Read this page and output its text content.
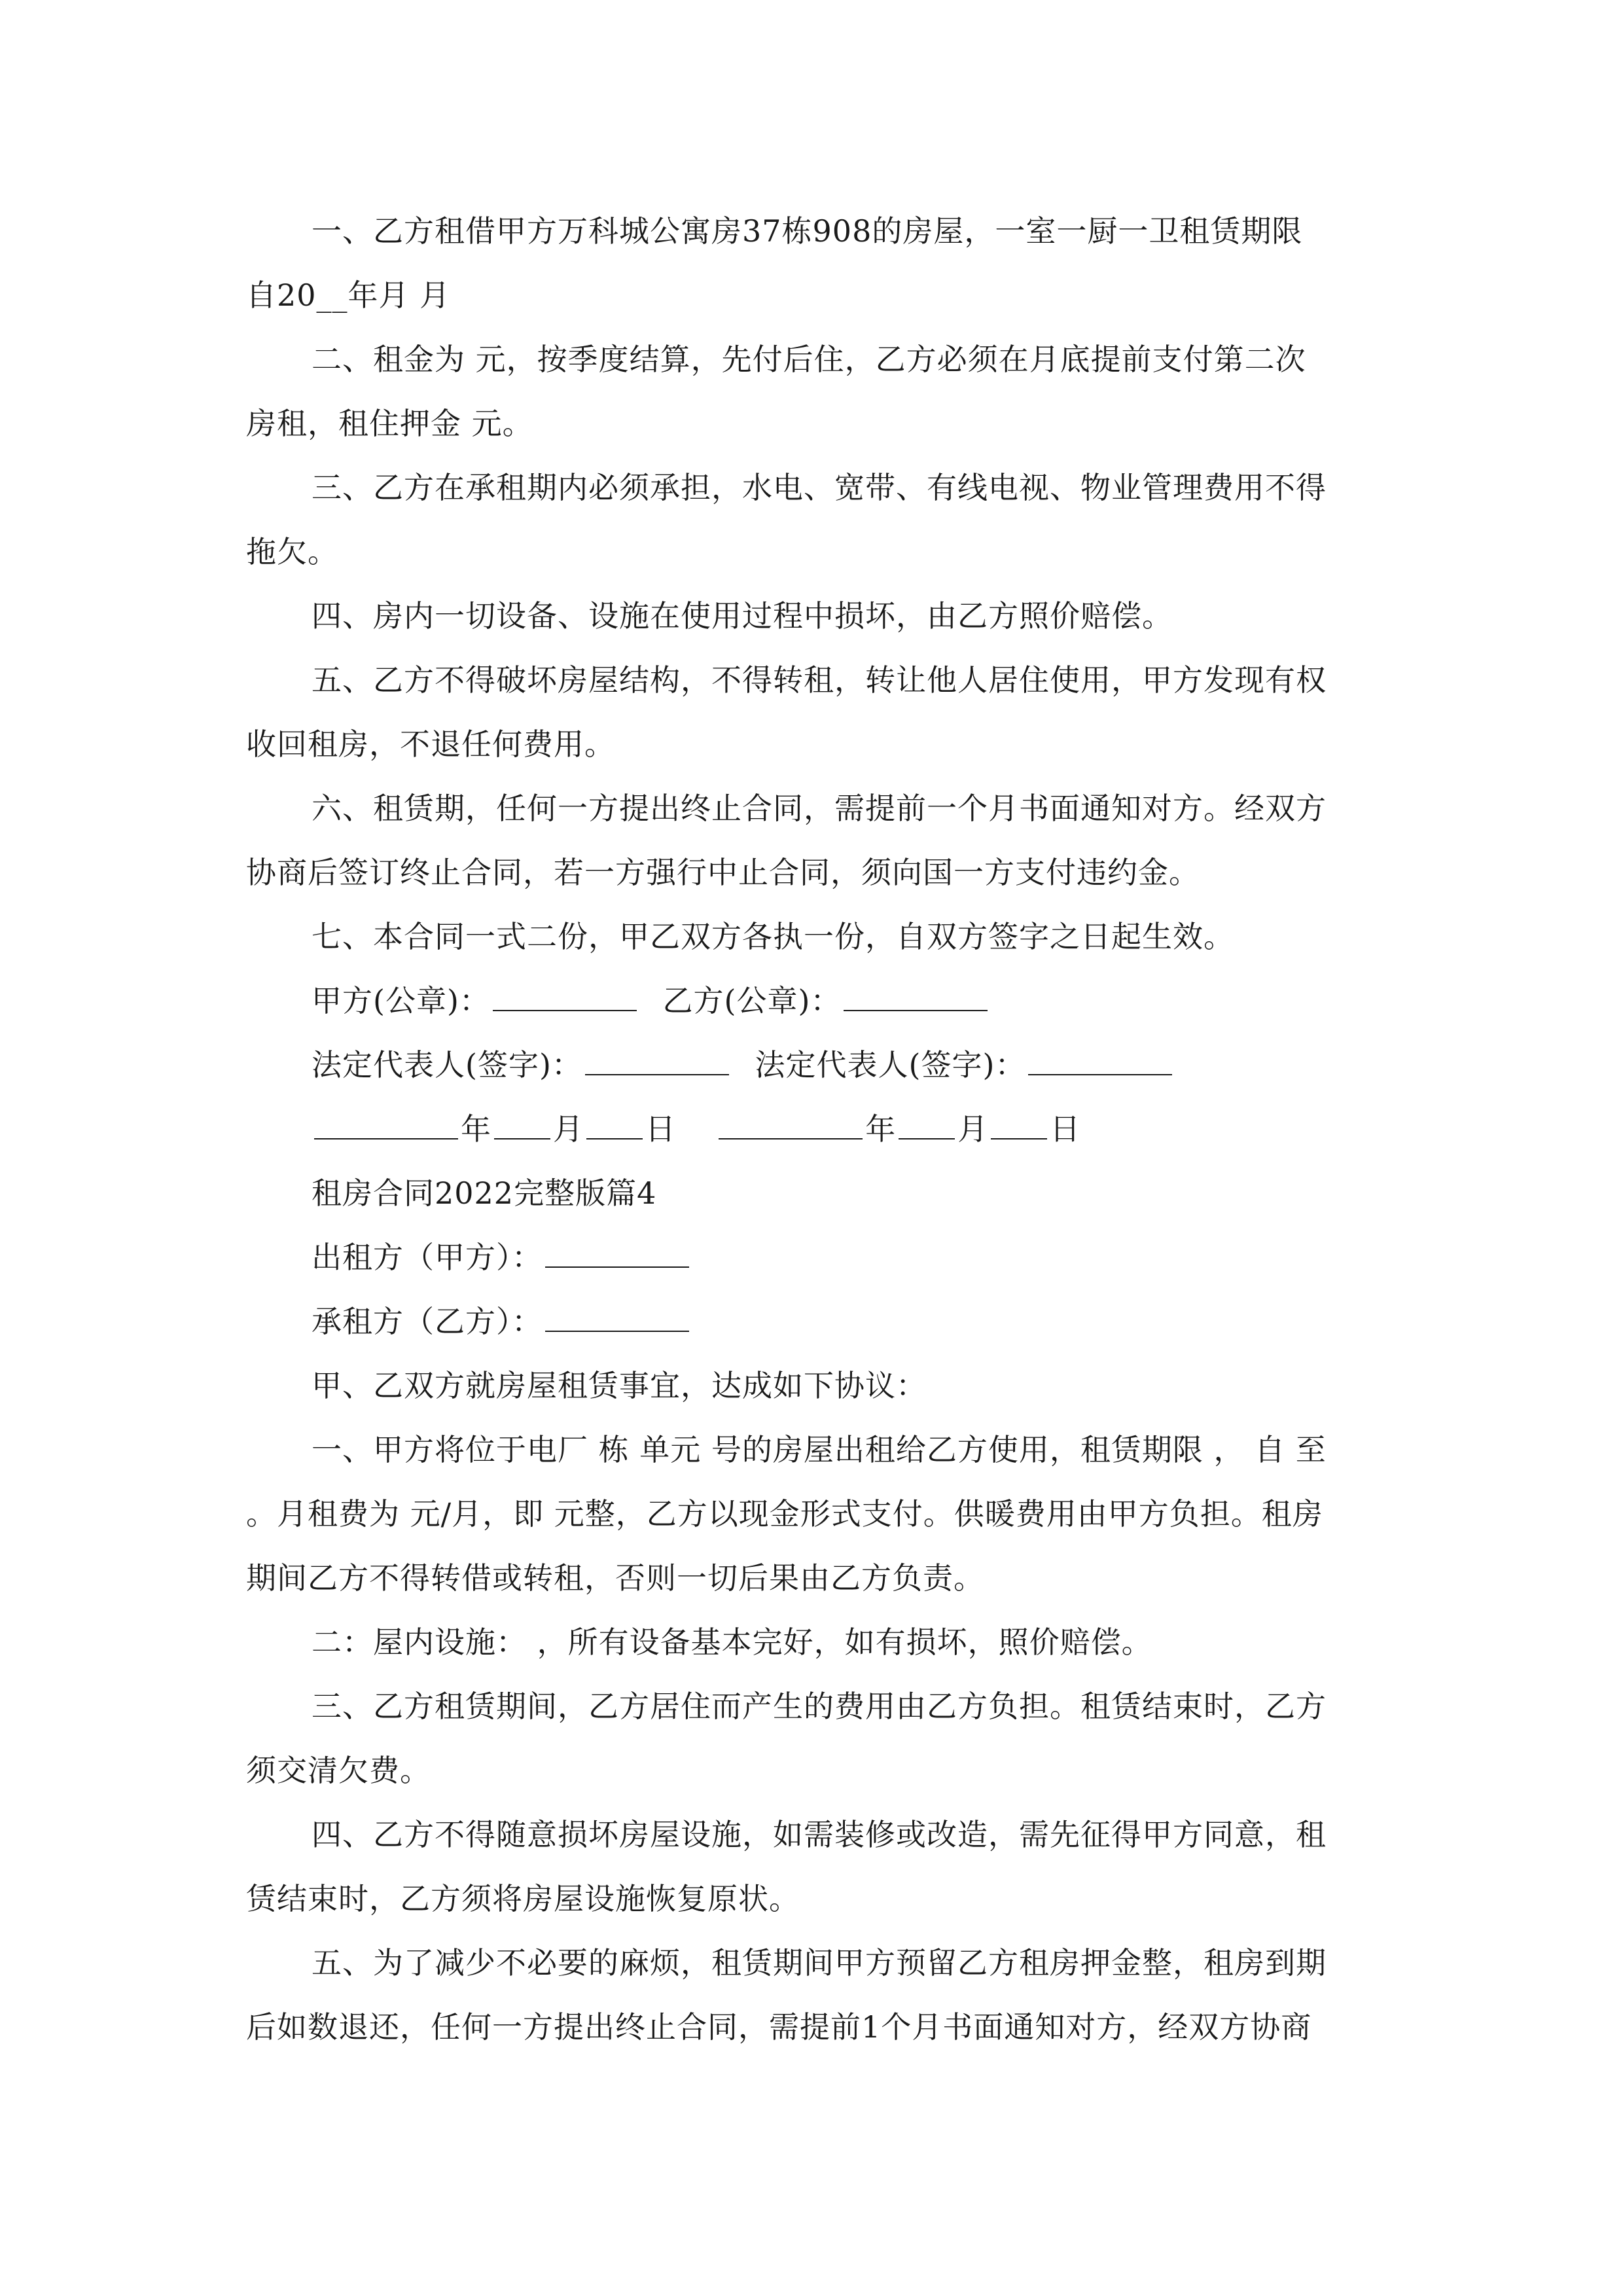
一、乙方租借甲方万科城公寓房37栋908的房屋，一室一厨一卫租赁期限
自20__年月 月
二、租金为 元，按季度结算，先付后住，乙方必须在月底提前支付第二次
房租，租住押金 元。
三、乙方在承租期内必须承担，水电、宽带、有线电视、物业管理费用不得
拖欠。
四、房内一切设备、设施在使用过程中损坏，由乙方照价赔偿。
五、乙方不得破坏房屋结构，不得转租，转让他人居住使用，甲方发现有权
收回租房，不退任何费用。
六、租赁期，任何一方提出终止合同，需提前一个月书面通知对方。经双方
协商后签订终止合同，若一方强行中止合同，须向国一方支付违约金。
七、本合同一式二份，甲乙双方各执一份，自双方签字之日起生效。
甲方(公章)：	乙方(公章)：
法定代表人(签字)：	法定代表人(签字)：
年 月 日	年 月 日
租房合同2022完整版篇4
出租方（甲方）：
承租方（乙方）：
甲、乙双方就房屋租赁事宜，达成如下协议：
一、甲方将位于电厂 栋 单元 号的房屋出租给乙方使用，租赁期限 ， 自 至
。月租费为 元/月，即 元整，乙方以现金形式支付。供暖费用由甲方负担。租房
期间乙方不得转借或转租，否则一切后果由乙方负责。
二：屋内设施： ，所有设备基本完好，如有损坏，照价赔偿。
三、乙方租赁期间，乙方居住而产生的费用由乙方负担。租赁结束时，乙方
须交清欠费。
四、乙方不得随意损坏房屋设施，如需装修或改造，需先征得甲方同意，租
赁结束时，乙方须将房屋设施恢复原状。
五、为了减少不必要的麻烦，租赁期间甲方预留乙方租房押金整，租房到期
后如数退还，任何一方提出终止合同，需提前1个月书面通知对方，经双方协商
